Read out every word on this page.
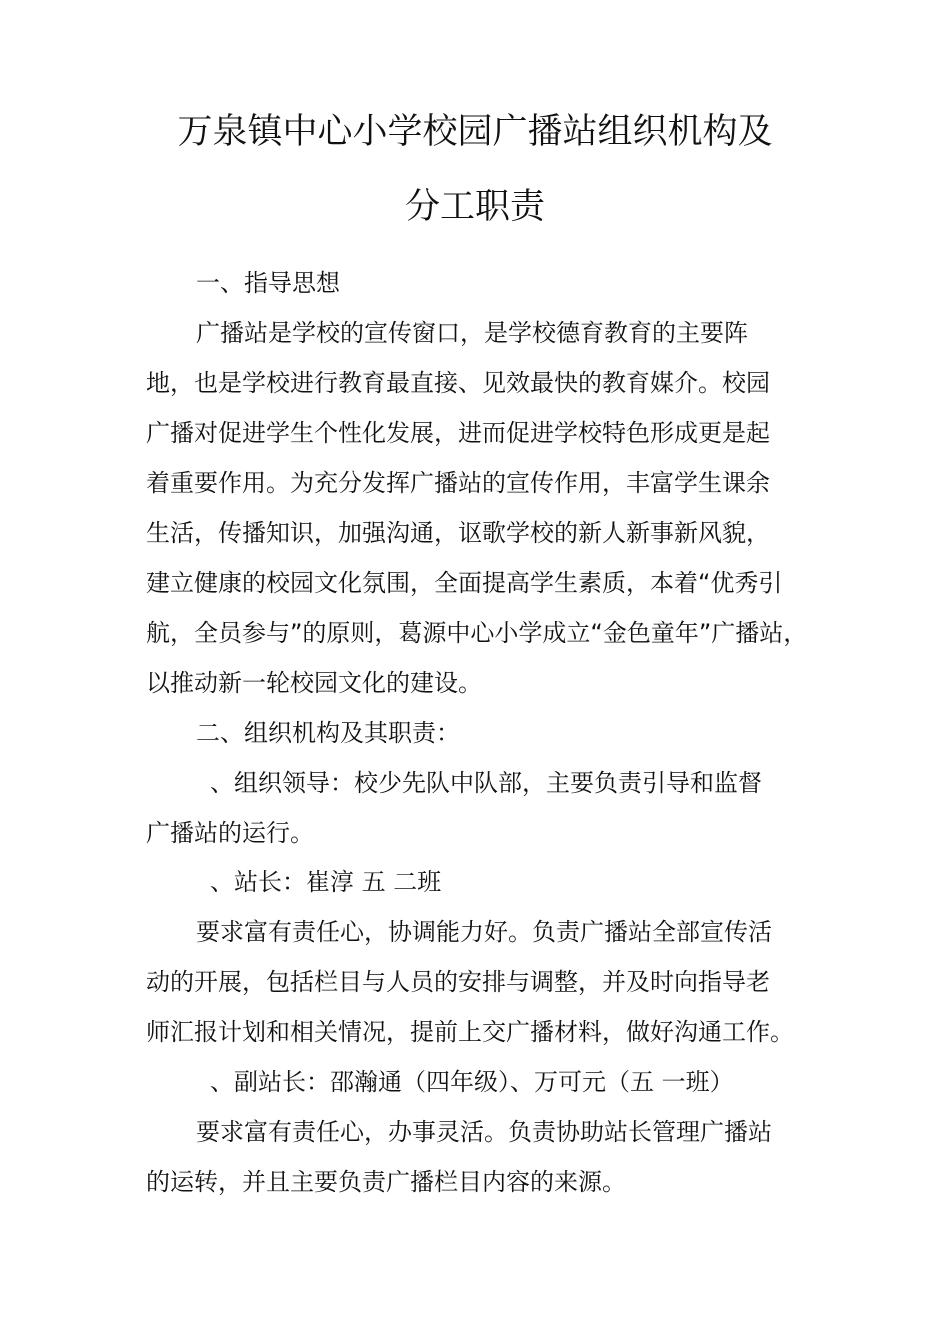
万泉镇中心小学校园广播站组织机构及
分工职责
一、指导思想
广播站是学校的宣传窗口，是学校德育教育的主要阵
地，也是学校进行教育最直接、见效最快的教育媒介。校园
广播对促进学生个性化发展，进而促进学校特色形成更是起
着重要作用。为充分发挥广播站的宣传作用，丰富学生课余
生活，传播知识，加强沟通，讴歌学校的新人新事新风貌，
建立健康的校园文化氛围，全面提高学生素质，本着“优秀引
航，全员参与”的原则，葛源中心小学成立“金色童年”广播站，
以推动新一轮校园文化的建设。
二、组织机构及其职责：
、组织领导：校少先队中队部，主要负责引导和监督
广播站的运行。
、站长：崔淳 五 二班
要求富有责任心，协调能力好。负责广播站全部宣传活
动的开展，包括栏目与人员的安排与调整，并及时向指导老
师汇报计划和相关情况，提前上交广播材料，做好沟通工作。
、副站长：邵瀚通（四年级）、万可元（五 一班）
要求富有责任心，办事灵活。负责协助站长管理广播站
的运转，并且主要负责广播栏目内容的来源。
